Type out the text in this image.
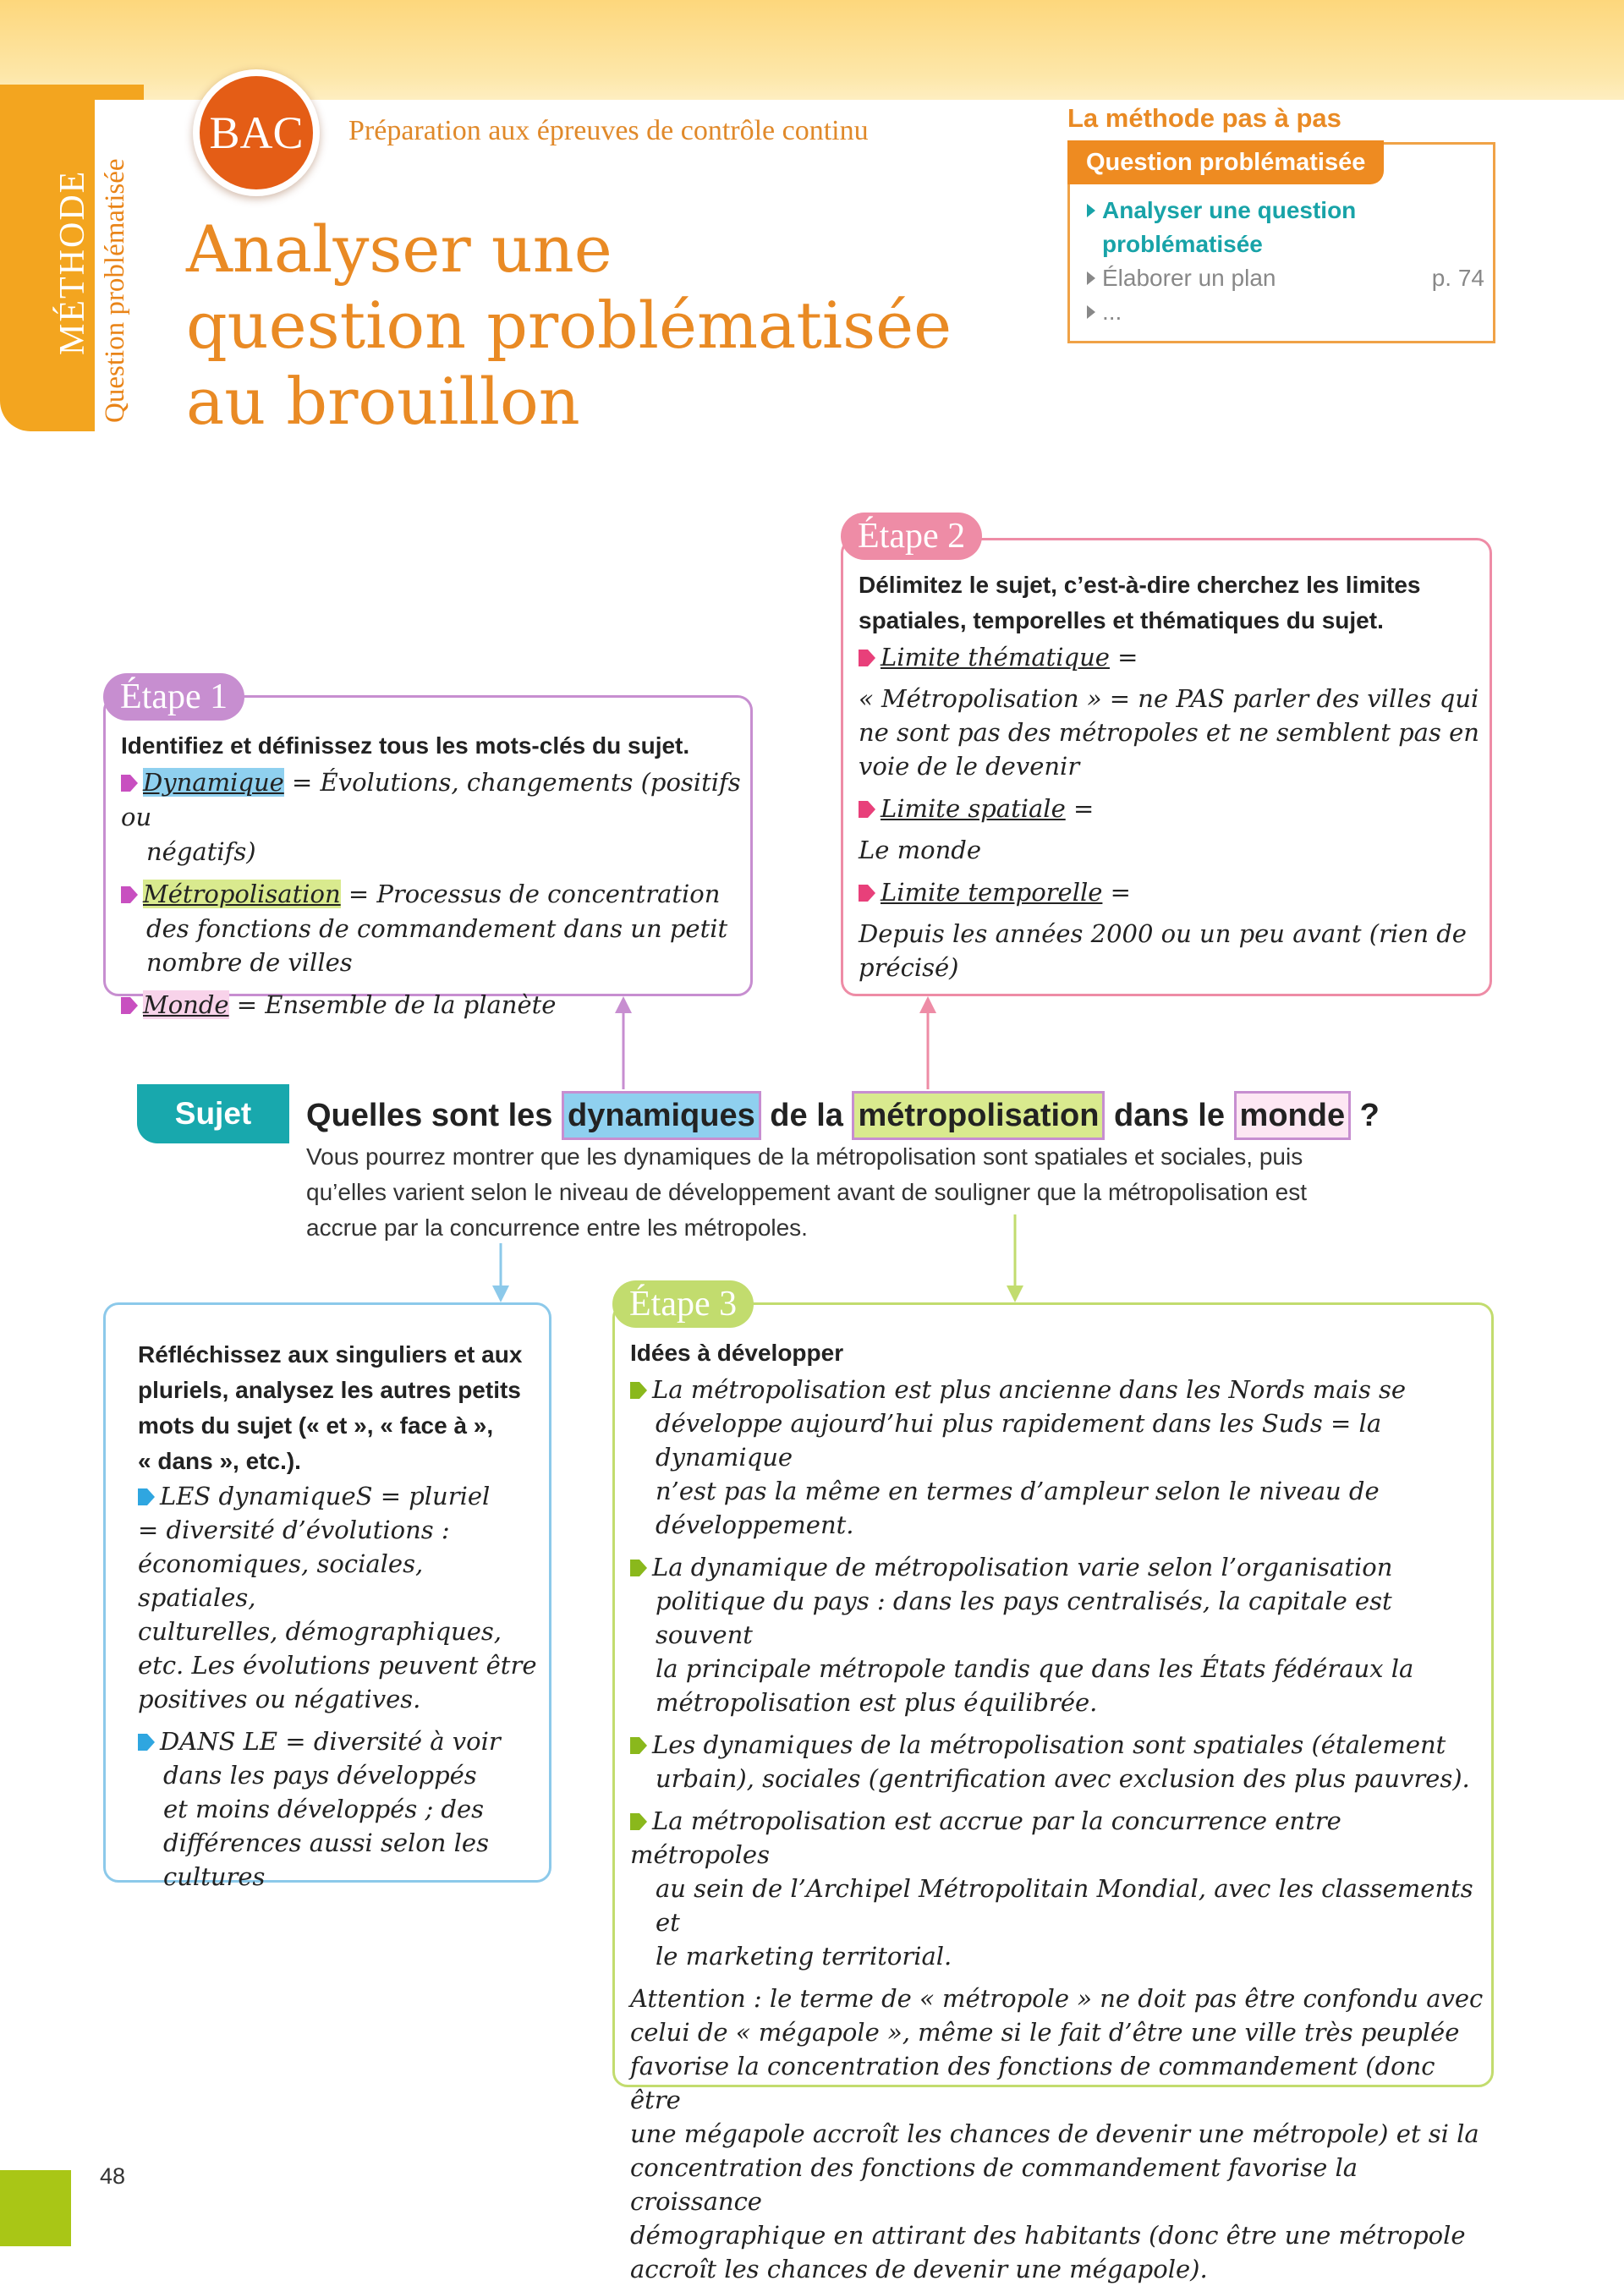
MÉTHODE Question problématisée
BAC Préparation aux épreuves de contrôle continu
Analyser une
question problématisée
au brouillon
La méthode pas à pas
Analyser une question
problématisée
Élaborer un plan	p. 74
...
Question problématisée
Délimitez le sujet, c’est-à-dire cherchez les limites
spatiales, temporelles et thématiques du sujet.
Limite thématique =
« Métropolisation » = ne PAS parler des villes qui
ne sont pas des métropoles et ne semblent pas en
voie de le devenir
Limite spatiale =
Le monde
Limite temporelle =
Depuis les années 2000 ou un peu avant (rien de
précisé)
Étape 2
Identifiez et définissez tous les mots-clés du sujet.
Dynamique = Évolutions, changements (positifs ou
négatifs)
Métropolisation = Processus de concentration
des fonctions de commandement dans un petit
nombre de villes
Monde = Ensemble de la planète
Étape 1
Sujet	Quelles sont les dynamiques de la métropolisation dans le monde ?
Vous pourrez montrer que les dynamiques de la métropolisation sont spatiales et sociales, puis
qu’elles varient selon le niveau de développement avant de souligner que la métropolisation est
accrue par la concurrence entre les métropoles.
Réfléchissez aux singuliers et aux
pluriels, analysez les autres petits
mots du sujet (« et », « face à »,
« dans », etc.).
LES dynamiqueS = pluriel
= diversité d’évolutions :
économiques, sociales, spatiales,
culturelles, démographiques,
etc. Les évolutions peuvent être
positives ou négatives.
DANS LE = diversité à voir
dans les pays développés
et moins développés ; des
différences aussi selon les
cultures
Idées à développer
La métropolisation est plus ancienne dans les Nords mais se
développe aujourd’hui plus rapidement dans les Suds = la dynamique
n’est pas la même en termes d’ampleur selon le niveau de
développement.
La dynamique de métropolisation varie selon l’organisation
politique du pays : dans les pays centralisés, la capitale est souvent
la principale métropole tandis que dans les États fédéraux la
métropolisation est plus équilibrée.
Les dynamiques de la métropolisation sont spatiales (étalement
urbain), sociales (gentrification avec exclusion des plus pauvres).
La métropolisation est accrue par la concurrence entre métropoles
au sein de l’Archipel Métropolitain Mondial, avec les classements et
le marketing territorial.
Attention : le terme de « métropole » ne doit pas être confondu avec
celui de « mégapole », même si le fait d’être une ville très peuplée
favorise la concentration des fonctions de commandement (donc être
une mégapole accroît les chances de devenir une métropole) et si la
concentration des fonctions de commandement favorise la croissance
démographique en attirant des habitants (donc être une métropole
accroît les chances de devenir une mégapole).
Étape 3
48
